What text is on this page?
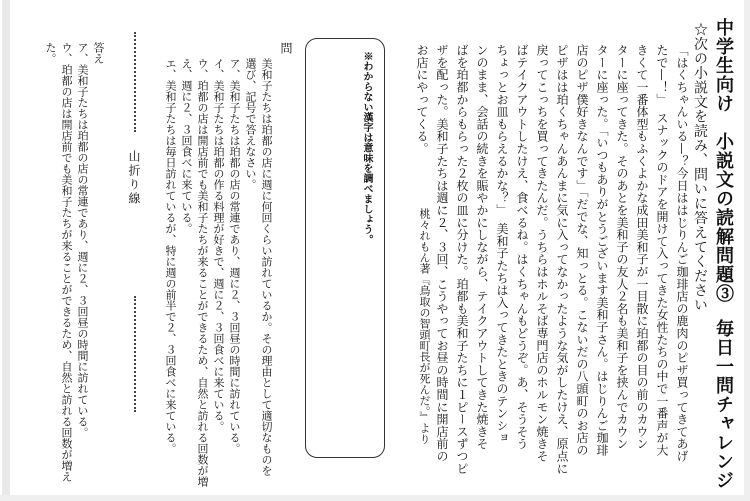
中学生向け　小説文の読解問題③毎日一問チャレンジ
☆次の小説文を読み、問いに答えてください
「はくちゃんいる—？今日ははじりんご珈琲店の鹿肉のピザ買ってきてあげ
たで—！」　スナックのドアを開けて入ってきた女性たちの中で一番声が大
きくて一番体型もふくよかな成田美和子が一目散に珀都の目の前のカウン
ターに座ってきた。そのあとを美和子の友人２名も美和子を挟んでカウン
ターに座った。「いつもありがとうございます美和子さん。はじりんご珈琲
店のピザ僕好きなんです」「だでな、知っとる。こないだの八頭町のお店の
ピザはは珀くちゃんあんまに気に入ってなかったような気がしたけえ、原点に
戻ってこっちを買ってきたんだ。うちらはホルそば専門店のホルモン焼きそ
ばテイクアウトしたけえ、食べるね。はくちゃんもどうぞ。あ、そうそう
ちょっとお皿もらえるかな？」　美和子たちは入ってきたときのテンショ
ンのまま、会話の続きを賑やかにしながら、テイクアウトしてきた焼きそ
ばを珀都からもらった２枚の皿に分けた。珀都も美和子たちに１ピースずつピ
ザを配った。美和子たちは週に２、３回、こうやってお昼の時間に開店前の
お店にやってくる。
桃々れもん著『鳥取の智頭町長が死んだ。』より
※わからない漢字は意味を調べましょう。
問
美和子たちは珀都の店に週に何回くらい訪れているか。その理由として適切なものを
選び、記号で答えなさい。
ア、美和子たちは珀都の店の常連であり、週に２、３回昼の時間に訪れている。
イ、美和子たちは珀都の作る料理が好きで、週に２、３回食べに来ている。
ウ、珀都の店は開店前でも美和子たちが来ることができるため、自然と訪れる回数が増
え、週に２、３回食べに来ている。
エ、美和子たちは毎日訪れているが、特に週の前半で２、３回食べに来ている。
山折り線
答え
ア、美和子たちは珀都の店の常連であり、週に２、３回昼の時間に訪れている。
ウ、珀都の店は開店前でも美和子たちが来ることができるため、自然と訪れる回数が増え
た。
